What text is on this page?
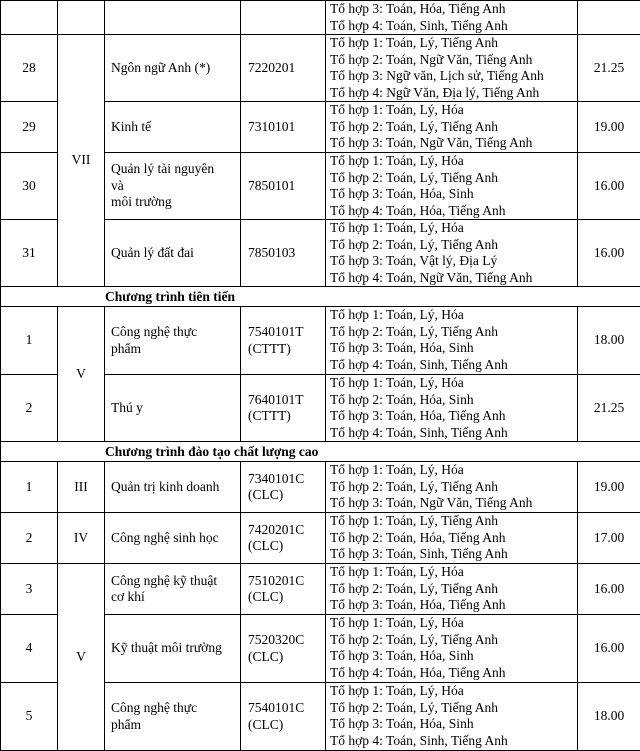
				Tổ hợp 3: Toán, Hóa, Tiếng Anh
Tổ hợp 4: Toán, Sinh, Tiếng Anh	

28	VII	Ngôn ngữ Anh (*)	7220201	Tổ hợp 1: Toán, Lý, Tiếng Anh
Tổ hợp 2: Toán, Ngữ Văn, Tiếng Anh
Tổ hợp 3: Ngữ văn, Lịch sử, Tiếng Anh
Tổ hợp 4: Ngữ Văn, Địa lý, Tiếng Anh	21.25
29		Kinh tế	7310101	Tổ hợp 1: Toán, Lý, Hóa
Tổ hợp 2: Toán, Lý, Tiếng Anh
Tổ hợp 3: Toán, Ngữ Văn, Tiếng Anh	19.00
30		Quản lý tài nguyên
và
môi trường	7850101	Tổ hợp 1: Toán, Lý, Hóa
Tổ hợp 2: Toán, Lý, Tiếng Anh
Tổ hợp 3: Toán, Hóa, Sinh
Tổ hợp 4: Toán, Hóa, Tiếng Anh	16.00
31		Quản lý đất đai	7850103	Tổ hợp 1: Toán, Lý, Hóa
Tổ hợp 2: Toán, Lý, Tiếng Anh
Tổ hợp 3: Toán, Vật lý, Địa Lý
Tổ hợp 4: Toán, Ngữ Văn, Tiếng Anh	16.00
Chương trình tiên tiến					
1	V	Công nghệ thực
phẩm	7540101T
(CTTT)	Tổ hợp 1: Toán, Lý, Hóa
Tổ hợp 2: Toán, Lý, Tiếng Anh
Tổ hợp 3: Toán, Hóa, Sinh
Tổ hợp 4: Toán, Sinh, Tiếng Anh	18.00
2		Thú y	7640101T
(CTTT)	Tổ hợp 1: Toán, Lý, Hóa
Tổ hợp 2: Toán, Hóa, Sinh
Tổ hợp 3: Toán, Hóa, Tiếng Anh
Tổ hợp 4: Toán, Sinh, Tiếng Anh	21.25
Chương trình đào tạo chất lượng cao					
1	III	Quản trị kinh doanh	7340101C
(CLC)	Tổ hợp 1: Toán, Lý, Hóa
Tổ hợp 2: Toán, Lý, Tiếng Anh
Tổ hợp 3: Toán, Ngữ Văn, Tiếng Anh	19.00
2	IV	Công nghệ sinh học	7420201C
(CLC)	Tổ hợp 1: Toán, Lý, Tiếng Anh
Tổ hợp 2: Toán, Hóa, Tiếng Anh
Tổ hợp 3: Toán, Sinh, Tiếng Anh	17.00
3	V	Công nghệ kỹ thuật
cơ khí	7510201C
(CLC)	Tổ hợp 1: Toán, Lý, Hóa
Tổ hợp 2: Toán, Lý, Tiếng Anh
Tổ hợp 3: Toán, Hóa, Tiếng Anh	16.00
4		Kỹ thuật môi trường	7520320C
(CLC)	Tổ hợp 1: Toán, Lý, Hóa
Tổ hợp 2: Toán, Lý, Tiếng Anh
Tổ hợp 3: Toán, Hóa, Sinh
Tổ hợp 4: Toán, Hóa, Tiếng Anh	16.00
5		Công nghệ thực
phẩm	7540101C
(CLC)	Tổ hợp 1: Toán, Lý, Hóa
Tổ hợp 2: Toán, Lý, Tiếng Anh
Tổ hợp 3: Toán, Hóa, Sinh
Tổ hợp 4: Toán, Sinh, Tiếng Anh	18.00
